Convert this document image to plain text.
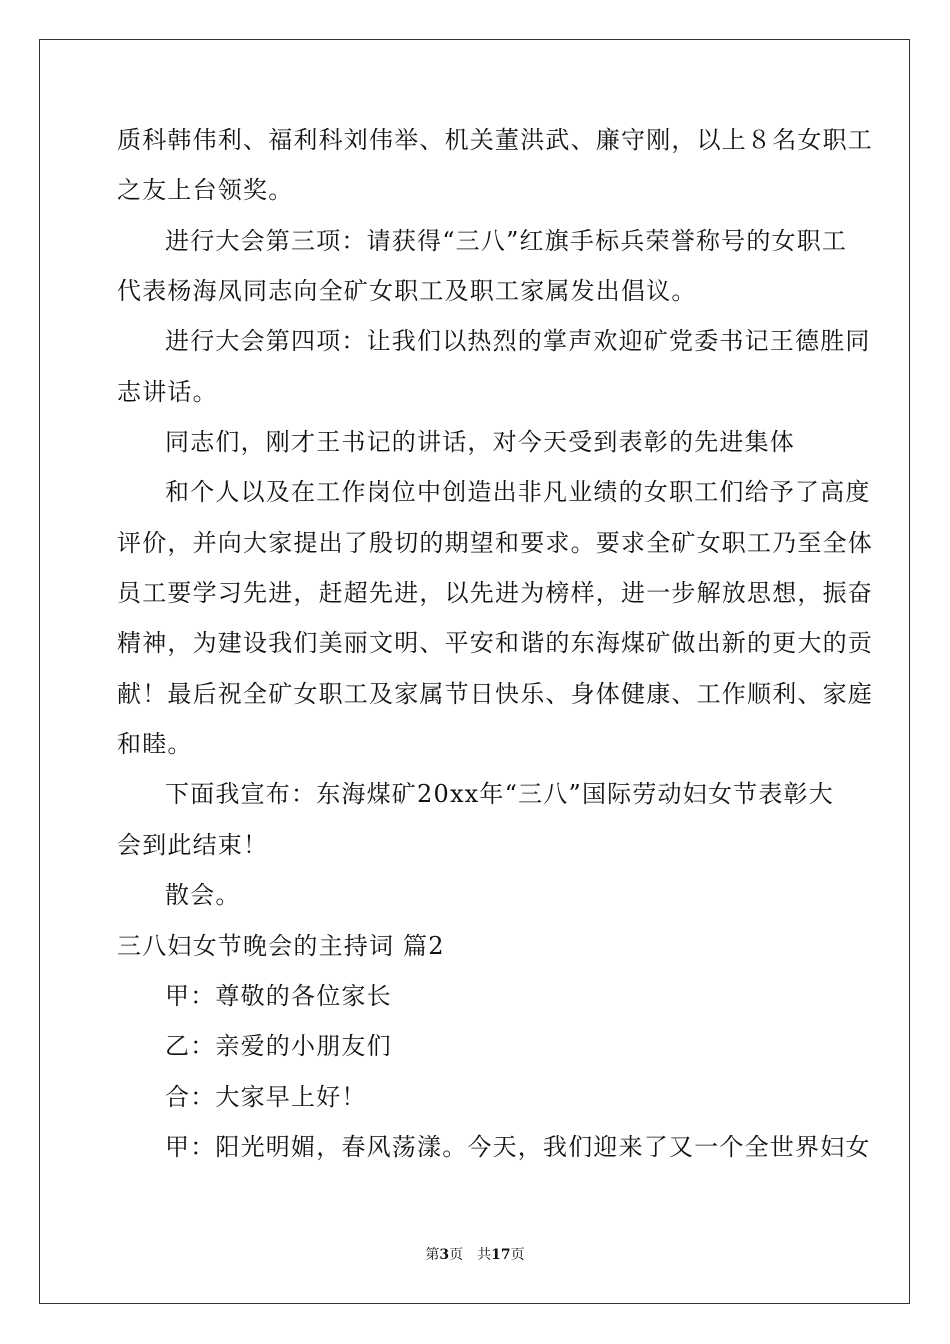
质科韩伟利、福利科刘伟举、机关董洪武、廉守刚，以上８名女职工
之友上台领奖。
进行大会第三项：请获得“三八”红旗手标兵荣誉称号的女职工
代表杨海凤同志向全矿女职工及职工家属发出倡议。
进行大会第四项：让我们以热烈的掌声欢迎矿党委书记王德胜同
志讲话。
同志们，刚才王书记的讲话，对今天受到表彰的先进集体
和个人以及在工作岗位中创造出非凡业绩的女职工们给予了高度
评价，并向大家提出了殷切的期望和要求。要求全矿女职工乃至全体
员工要学习先进，赶超先进，以先进为榜样，进一步解放思想，振奋
精神，为建设我们美丽文明、平安和谐的东海煤矿做出新的更大的贡
献！最后祝全矿女职工及家属节日快乐、身体健康、工作顺利、家庭
和睦。
下面我宣布：东海煤矿20xx年“三八”国际劳动妇女节表彰大
会到此结束！
散会。
三八妇女节晚会的主持词 篇2
甲：尊敬的各位家长
乙：亲爱的小朋友们
合：大家早上好！
甲：阳光明媚，春风荡漾。今天，我们迎来了又一个全世界妇女
第3页 共17页
